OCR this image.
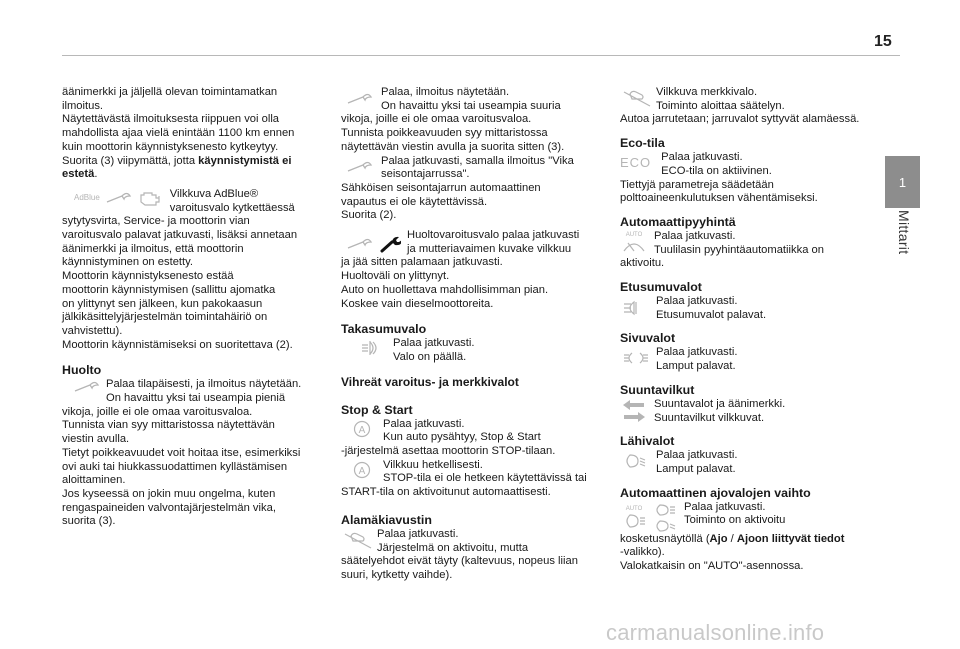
15
1
Mittarit

äänimerkki ja jäljellä olevan toimintamatkan

ilmoitus.

Näytettävästä ilmoituksesta riippuen voi olla

mahdollista ajaa vielä enintään 1100 km ennen

kuin moottorin käynnistyksenesto kytkeytyy.

Suorita (3) viipymättä, jotta käynnistymistä ei

estetä.

AdBlue	Vilkkuva AdBlue®

varoitusvalo kytkettäessä

sytytysvirta, Service- ja moottorin vian

varoitusvalo palavat jatkuvasti, lisäksi annetaan

äänimerkki ja ilmoitus, että moottorin

käynnistyminen on estetty.

Moottorin käynnistyksenesto estää

moottorin käynnistymisen (sallittu ajomatka

on ylittynyt sen jälkeen, kun pakokaasun

jälkikäsittelyjärjestelmän toimintahäiriö on

vahvistettu).

Moottorin käynnistämiseksi on suoritettava (2).

Huolto

Palaa tilapäisesti, ja ilmoitus näytetään.

On havaittu yksi tai useampia pieniä

vikoja, joille ei ole omaa varoitusvaloa.

Tunnista vian syy mittaristossa näytettävän

viestin avulla.

Tietyt poikkeavuudet voit hoitaa itse, esimerkiksi

ovi auki tai hiukkassuodattimen kyllästämisen

aloittaminen.

Jos kyseessä on jokin muu ongelma, kuten

rengaspaineiden valvontajärjestelmän vika,

suorita (3).

Palaa, ilmoitus näytetään.

On havaittu yksi tai useampia suuria

vikoja, joille ei ole omaa varoitusvaloa.

Tunnista poikkeavuuden syy mittaristossa

näytettävän viestin avulla ja suorita sitten (3).

Palaa jatkuvasti, samalla ilmoitus "Vika

seisontajarrussa".

Sähköisen seisontajarrun automaattinen

vapautus ei ole käytettävissä.

Suorita (2).

Huoltovaroitusvalo palaa jatkuvasti

ja mutteriavaimen kuvake vilkkuu

ja jää sitten palamaan jatkuvasti.

Huoltoväli on ylittynyt.

Auto on huollettava mahdollisimman pian.

Koskee vain dieselmoottoreita.

Takasumuvalo

Palaa jatkuvasti.

Valo on päällä.

Vihreät varoitus- ja merkkivalot

Stop & Start

A

Palaa jatkuvasti.

Kun auto pysähtyy, Stop & Start

-järjestelmä asettaa moottorin STOP-tilaan.

A

Vilkkuu hetkellisesti.

STOP-tila ei ole hetkeen käytettävissä tai

START-tila on aktivoitunut automaattisesti.

Alamäkiavustin

Palaa jatkuvasti.

Järjestelmä on aktivoitu, mutta

säätelyehdot eivät täyty (kaltevuus, nopeus liian

suuri, kytketty vaihde).

Vilkkuva merkkivalo.

Toiminto aloittaa säätelyn.

Autoa jarrutetaan; jarruvalot syttyvät alamäessä.

Eco-tila

ECO Palaa jatkuvasti.

ECO-tila on aktiivinen.

Tiettyjä parametreja säädetään

polttoaineenkulutuksen vähentämiseksi.

Automaattipyyhintä

AUTO	Palaa jatkuvasti.

Tuulilasin pyyhintäautomatiikka on

aktivoitu.

Etusumuvalot

Palaa jatkuvasti.

Etusumuvalot palavat.

Sivuvalot

Palaa jatkuvasti.

Lamput palavat.

Suuntavilkut

Suuntavalot ja äänimerkki.

Suuntavilkut vilkkuvat.

Lähivalot

Palaa jatkuvasti.

Lamput palavat.

Automaattinen ajovalojen vaihto

AUTO	Palaa jatkuvasti.

Toiminto on aktivoitu

kosketusnäytöllä (Ajo / Ajoon liittyvät tiedot

-valikko).

Valokatkaisin on "AUTO"-asennossa.

carmanualsonline.info
